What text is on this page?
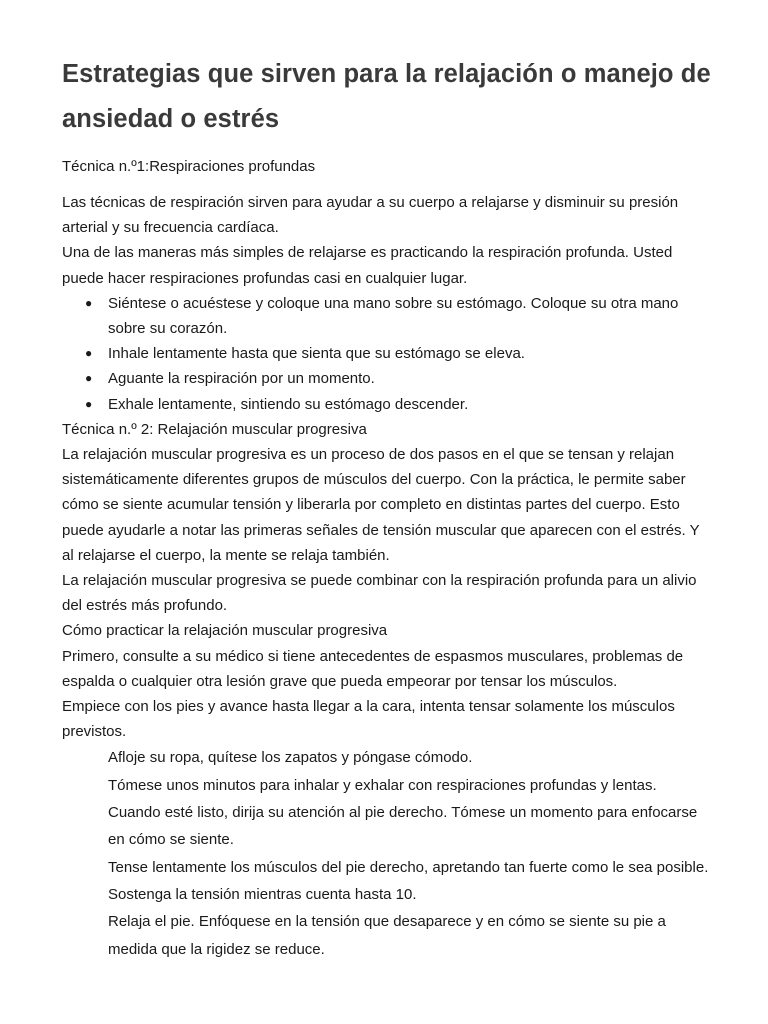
Estrategias que sirven para la relajación o manejo de ansiedad o estrés

Técnica n.º1:Respiraciones profundas

Las técnicas de respiración sirven para ayudar a su cuerpo a relajarse y disminuir su presión arterial y su frecuencia cardíaca.

Una de las maneras más simples de relajarse es practicando la respiración profunda. Usted puede hacer respiraciones profundas casi en cualquier lugar.

● Siéntese o acuéstese y coloque una mano sobre su estómago. Coloque su otra mano sobre su corazón.
● Inhale lentamente hasta que sienta que su estómago se eleva.
● Aguante la respiración por un momento.
● Exhale lentamente, sintiendo su estómago descender.

Técnica n.º 2: Relajación muscular progresiva

La relajación muscular progresiva es un proceso de dos pasos en el que se tensan y relajan sistemáticamente diferentes grupos de músculos del cuerpo. Con la práctica, le permite saber cómo se siente acumular tensión y liberarla por completo en distintas partes del cuerpo. Esto puede ayudarle a notar las primeras señales de tensión muscular que aparecen con el estrés. Y al relajarse el cuerpo, la mente se relaja también.

La relajación muscular progresiva se puede combinar con la respiración profunda para un alivio del estrés más profundo.

Cómo practicar la relajación muscular progresiva

Primero, consulte a su médico si tiene antecedentes de espasmos musculares, problemas de espalda o cualquier otra lesión grave que pueda empeorar por tensar los músculos.

Empiece con los pies y avance hasta llegar a la cara, intenta tensar solamente los músculos previstos.

Afloje su ropa, quítese los zapatos y póngase cómodo.
Tómese unos minutos para inhalar y exhalar con respiraciones profundas y lentas.
Cuando esté listo, dirija su atención al pie derecho. Tómese un momento para enfocarse en cómo se siente.
Tense lentamente los músculos del pie derecho, apretando tan fuerte como le sea posible. Sostenga la tensión mientras cuenta hasta 10.
Relaja el pie. Enfóquese en la tensión que desaparece y en cómo se siente su pie a medida que la rigidez se reduce.
